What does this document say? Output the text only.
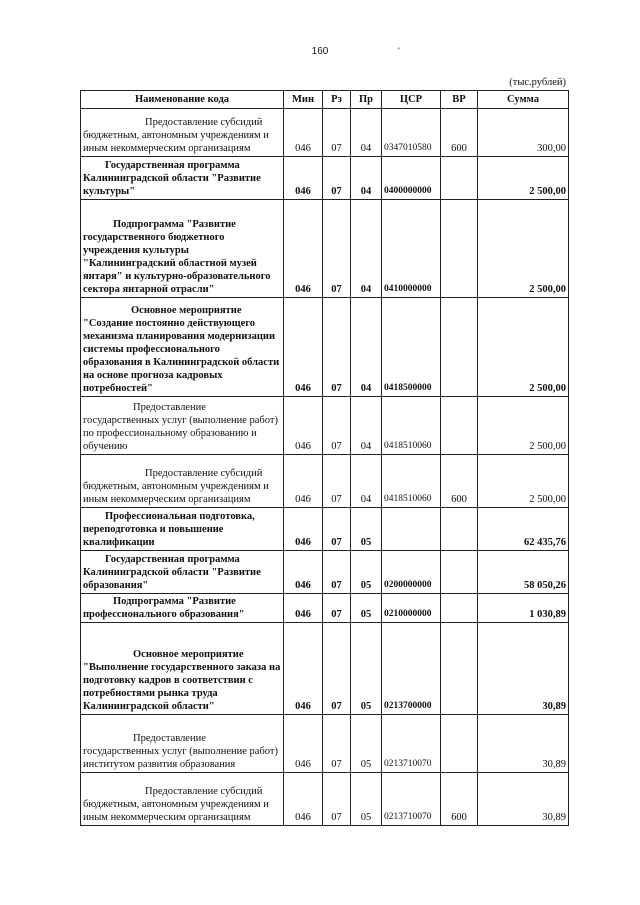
160	'
(тыс.рублей)
Наименование кода	Мин	Рз	Пр	ЦСР	ВР	Сумма
Предоставление субсидий бюджетным, автономным учреждениям и иным некоммерческим организациям	046	07	04	0347010580	600	300,00
Государственная программа Калининградской области "Развитие культуры"	046	07	04	0400000000		2 500,00
Подпрограмма "Развитие государственного бюджетного учреждения культуры "Калининградский областной музей янтаря" и культурно-образовательного сектора янтарной отрасли"	046	07	04	0410000000		2 500,00
Основное мероприятие "Создание постоянно действующего механизма планирования модернизации системы профессионального образования в Калининградской области на основе прогноза кадровых потребностей"	046	07	04	0418500000		2 500,00
Предоставление государственных услуг (выполнение работ) по профессиональному образованию и обучению	046	07	04	0418510060		2 500,00
Предоставление субсидий бюджетным, автономным учреждениям и иным некоммерческим организациям	046	07	04	0418510060	600	2 500,00
Профессиональная подготовка, переподготовка и повышение квалификации	046	07	05			62 435,76
Государственная программа Калининградской области "Развитие образования"	046	07	05	0200000000		58 050,26
Подпрограмма "Развитие профессионального образования"	046	07	05	0210000000		1 030,89
Основное мероприятие "Выполнение государственного заказа на подготовку кадров в соответствии с потребностями рынка труда Калининградской области"	046	07	05	0213700000		30,89
Предоставление государственных услуг (выполнение работ) институтом развития образования	046	07	05	0213710070		30,89
Предоставление субсидий бюджетным, автономным учреждениям и иным некоммерческим организациям	046	07	05	0213710070	600	30,89
